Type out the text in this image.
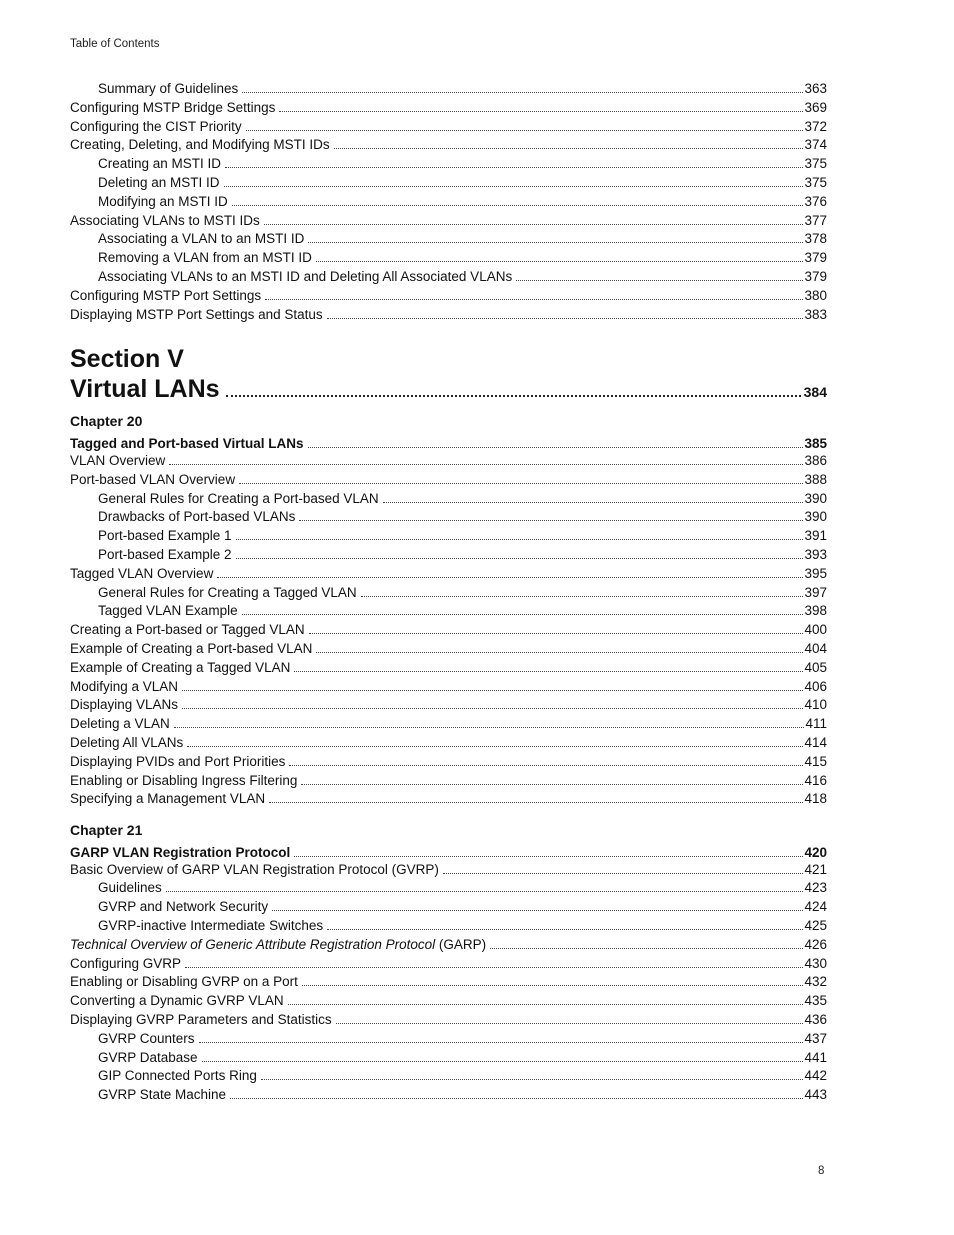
Table of Contents
Summary of Guidelines	363
Configuring MSTP Bridge Settings	369
Configuring the CIST Priority	372
Creating, Deleting, and Modifying MSTI IDs	374
Creating an MSTI ID	375
Deleting an MSTI ID	375
Modifying an MSTI ID	376
Associating VLANs to MSTI IDs	377
Associating a VLAN to an MSTI ID	378
Removing a VLAN from an MSTI ID	379
Associating VLANs to an MSTI ID and Deleting All Associated VLANs	379
Configuring MSTP Port Settings	380
Displaying MSTP Port Settings and Status	383
Section V
Virtual LANs	384
Chapter 20
Tagged and Port-based Virtual LANs	385
VLAN Overview	386
Port-based VLAN Overview	388
General Rules for Creating a Port-based VLAN	390
Drawbacks of Port-based VLANs	390
Port-based Example 1	391
Port-based Example 2	393
Tagged VLAN Overview	395
General Rules for Creating a Tagged VLAN	397
Tagged VLAN Example	398
Creating a Port-based or Tagged VLAN	400
Example of Creating a Port-based VLAN	404
Example of Creating a Tagged VLAN	405
Modifying a VLAN	406
Displaying VLANs	410
Deleting a VLAN	411
Deleting All VLANs	414
Displaying PVIDs and Port Priorities	415
Enabling or Disabling Ingress Filtering	416
Specifying a Management VLAN	418
Chapter 21
GARP VLAN Registration Protocol	420
Basic Overview of GARP VLAN Registration Protocol (GVRP)	421
Guidelines	423
GVRP and Network Security	424
GVRP-inactive Intermediate Switches	425
Technical Overview of Generic Attribute Registration Protocol (GARP)	426
Configuring GVRP	430
Enabling or Disabling GVRP on a Port	432
Converting a Dynamic GVRP VLAN	435
Displaying GVRP Parameters and Statistics	436
GVRP Counters	437
GVRP Database	441
GIP Connected Ports Ring	442
GVRP State Machine	443
8
